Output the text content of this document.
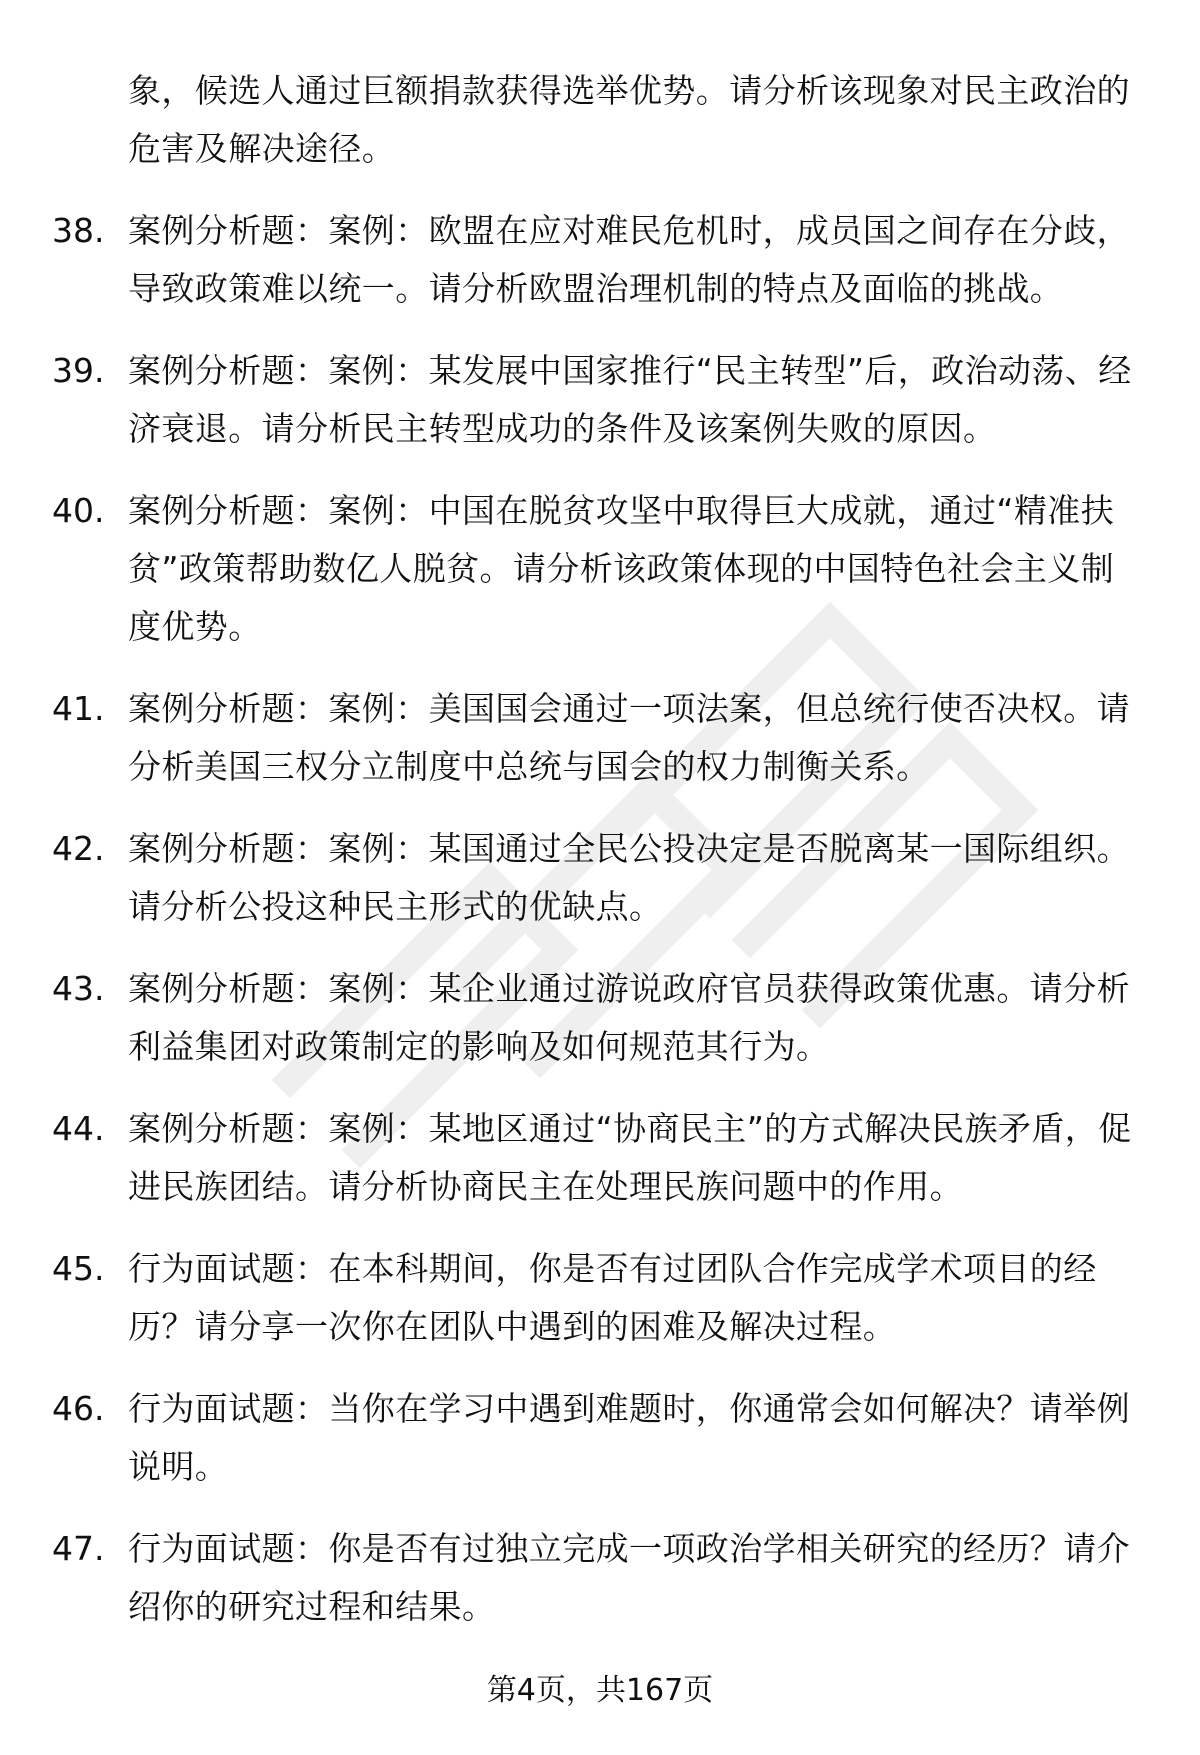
象，候选人通过巨额捐款获得选举优势。请分析该现象对民主政治的危害及解决途径。
38. 案例分析题：案例：欧盟在应对难民危机时，成员国之间存在分歧，导致政策难以统一。请分析欧盟治理机制的特点及面临的挑战。
39. 案例分析题：案例：某发展中国家推行“民主转型”后，政治动荡、经济衰退。请分析民主转型成功的条件及该案例失败的原因。
40. 案例分析题：案例：中国在脱贫攻坚中取得巨大成就，通过“精准扶贫”政策帮助数亿人脱贫。请分析该政策体现的中国特色社会主义制度优势。
41. 案例分析题：案例：美国国会通过一项法案，但总统行使否决权。请分析美国三权分立制度中总统与国会的权力制衡关系。
42. 案例分析题：案例：某国通过全民公投决定是否脱离某一国际组织。请分析公投这种民主形式的优缺点。
43. 案例分析题：案例：某企业通过游说政府官员获得政策优惠。请分析利益集团对政策制定的影响及如何规范其行为。
44. 案例分析题：案例：某地区通过“协商民主”的方式解决民族矛盾，促进民族团结。请分析协商民主在处理民族问题中的作用。
45. 行为面试题：在本科期间，你是否有过团队合作完成学术项目的经历？请分享一次你在团队中遇到的困难及解决过程。
46. 行为面试题：当你在学习中遇到难题时，你通常会如何解决？请举例说明。
47. 行为面试题：你是否有过独立完成一项政治学相关研究的经历？请介绍你的研究过程和结果。
第4页，共167页
